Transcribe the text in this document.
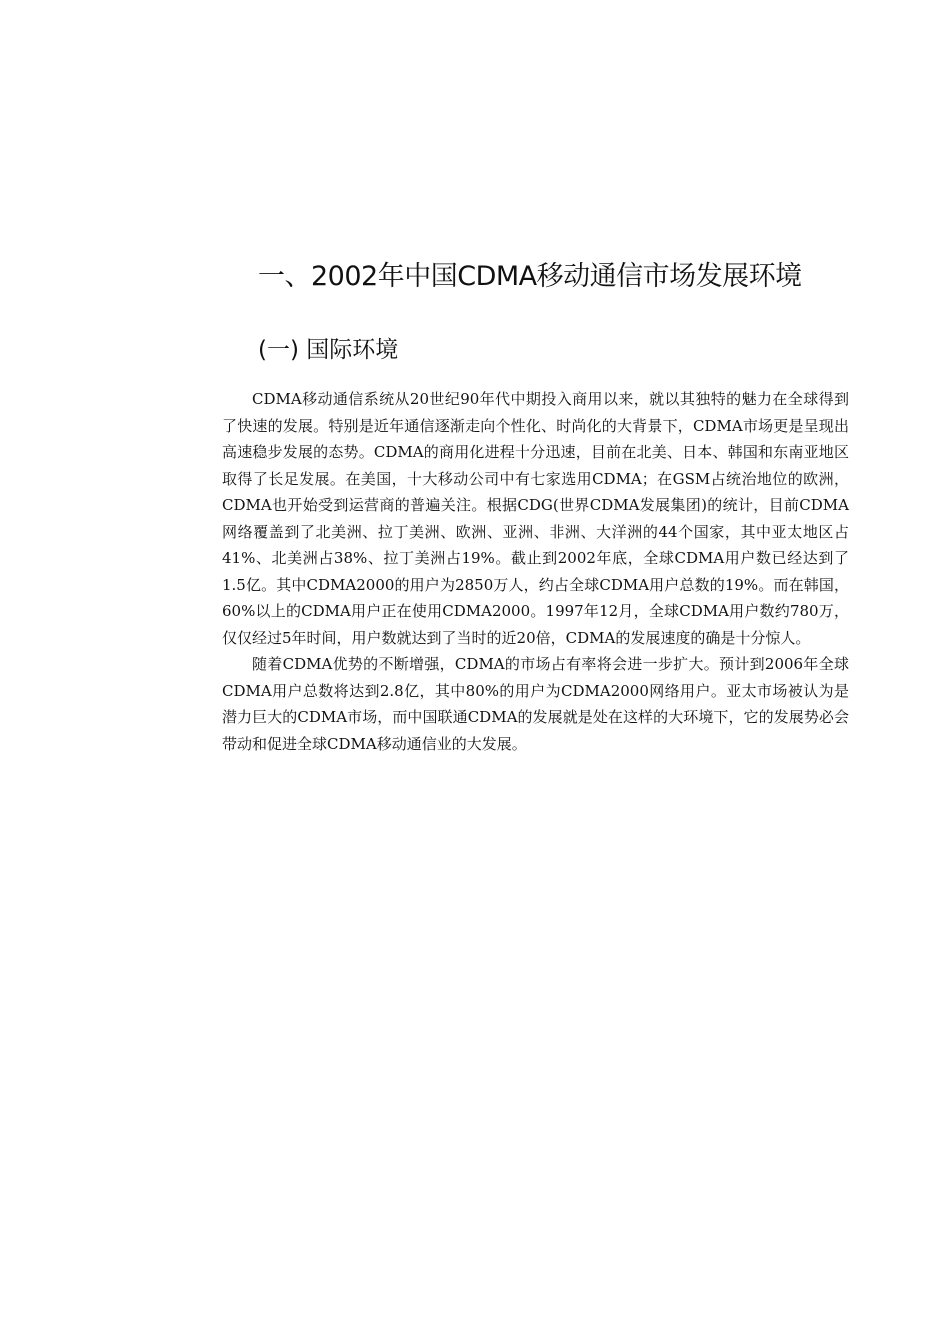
一、2002年中国CDMA移动通信市场发展环境
(一) 国际环境

CDMA移动通信系统从20世纪90年代中期投入商用以来，就以其独特的魅力在全球得到了快速的发展。特别是近年通信逐渐走向个性化、时尚化的大背景下，CDMA市场更是呈现出高速稳步发展的态势。CDMA的商用化进程十分迅速，目前在北美、日本、韩国和东南亚地区取得了长足发展。在美国，十大移动公司中有七家选用CDMA；在GSM占统治地位的欧洲，CDMA也开始受到运营商的普遍关注。根据CDG(世界CDMA发展集团)的统计，目前CDMA网络覆盖到了北美洲、拉丁美洲、欧洲、亚洲、非洲、大洋洲的44个国家，其中亚太地区占41%、北美洲占38%、拉丁美洲占19%。截止到2002年底，全球CDMA用户数已经达到了1.5亿。其中CDMA2000的用户为2850万人，约占全球CDMA用户总数的19%。而在韩国，60%以上的CDMA用户正在使用CDMA2000。1997年12月，全球CDMA用户数约780万，仅仅经过5年时间，用户数就达到了当时的近20倍，CDMA的发展速度的确是十分惊人。

随着CDMA优势的不断增强，CDMA的市场占有率将会进一步扩大。预计到2006年全球CDMA用户总数将达到2.8亿，其中80%的用户为CDMA2000网络用户。亚太市场被认为是潜力巨大的CDMA市场，而中国联通CDMA的发展就是处在这样的大环境下，它的发展势必会带动和促进全球CDMA移动通信业的大发展。
